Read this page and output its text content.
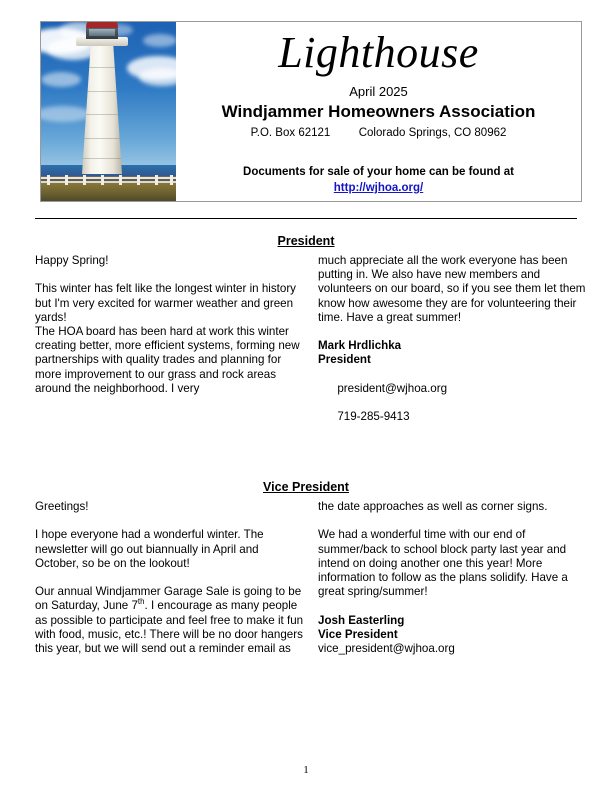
Lighthouse
April 2025
Windjammer Homeowners Association
P.O. Box 62121 Colorado Springs, CO 80962
Documents for sale of your home can be found at
http://wjhoa.org/
President

Happy Spring!

This winter has felt like the longest winter in history but I'm very excited for warmer weather and green yards!

The HOA board has been hard at work this winter creating better, more efficient systems, forming new partnerships with quality trades and planning for more improvement to our grass and rock areas around the neighborhood. I very

much appreciate all the work everyone has been putting in. We also have new members and volunteers on our board, so if you see them let them know how awesome they are for volunteering their time. Have a great summer!

Mark Hrdlichka

President

president@wjhoa.org

719-285-9413

Vice President

Greetings!

I hope everyone had a wonderful winter. The newsletter will go out biannually in April and October, so be on the lookout!

Our annual Windjammer Garage Sale is going to be on Saturday, June 7th. I encourage as many people as possible to participate and feel free to make it fun with food, music, etc.! There will be no door hangers this year, but we will send out a reminder email as

the date approaches as well as corner signs.

We had a wonderful time with our end of summer/back to school block party last year and intend on doing another one this year! More information to follow as the plans solidify. Have a great spring/summer!

Josh Easterling

Vice President

vice_president@wjhoa.org

1
